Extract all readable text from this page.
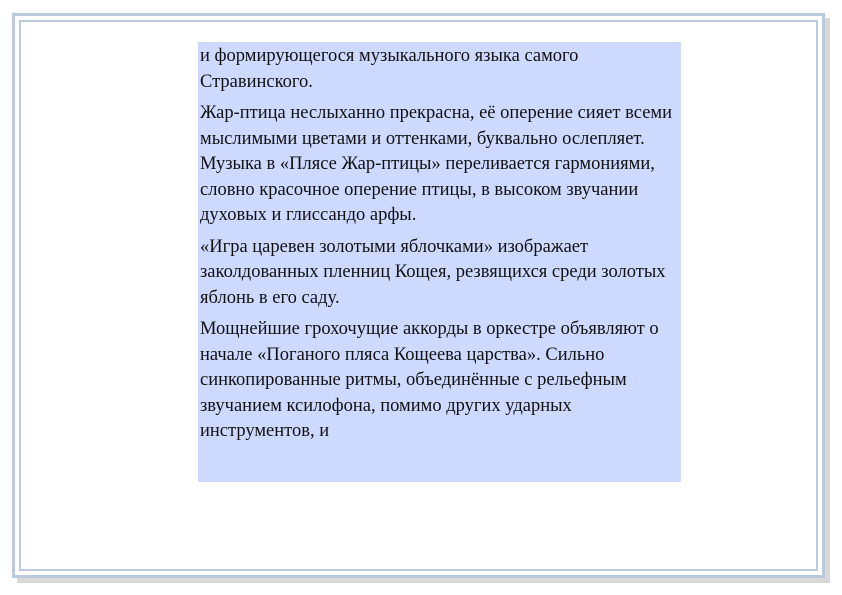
и формирующегося музыкального языка самого Стравинского.

Жар-птица неслыханно прекрасна, её оперение сияет всеми мыслимыми цветами и оттенками, буквально ослепляет. Музыка в «Плясе Жар-птицы» переливается гармониями, словно красочное оперение птицы, в высоком звучании духовых и глиссандо арфы.

«Игра царевен золотыми яблочками» изображает заколдованных пленниц Кощея, резвящихся среди золотых яблонь в его саду.

Мощнейшие грохочущие аккорды в оркестре объявляют о начале «Поганого пляса Кощеева царства». Сильно синкопированные ритмы, объединённые с рельефным звучанием ксилофона, помимо других ударных инструментов, и
